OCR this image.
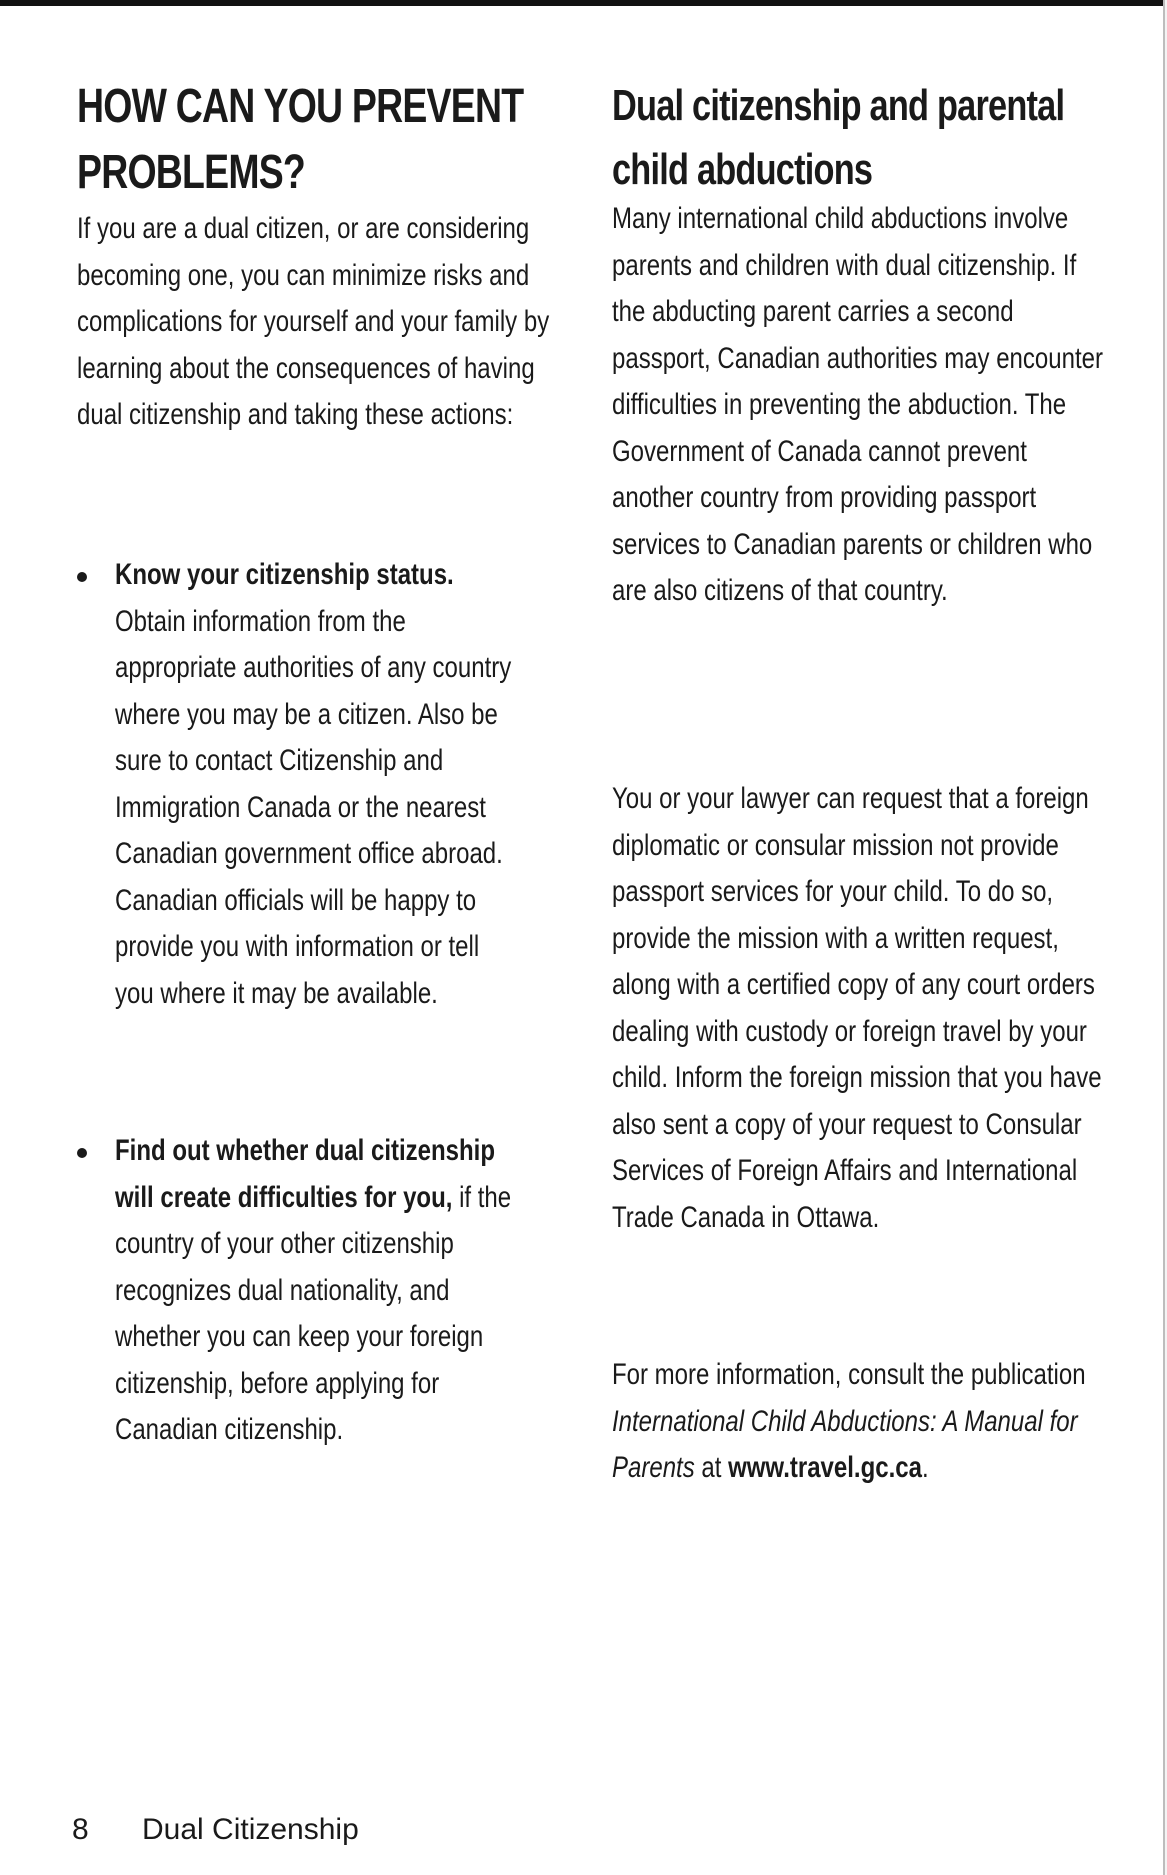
HOW CAN YOU PREVENT PROBLEMS?

If you are a dual citizen, or are considering becoming one, you can minimize risks and complications for yourself and your family by learning about the consequences of having dual citizenship and taking these actions:

Know your citizenship status. Obtain information from the appropriate authorities of any country where you may be a citizen. Also be sure to contact Citizenship and Immigration Canada or the nearest Canadian government office abroad. Canadian officials will be happy to provide you with information or tell you where it may be available.
Find out whether dual citizenship will create difficulties for you, if the country of your other citizenship recognizes dual nationality, and whether you can keep your foreign citizenship, before applying for Canadian citizenship.
Dual citizenship and parental child abductions

Many international child abductions involve parents and children with dual citizenship. If the abducting parent carries a second passport, Canadian authorities may encounter difficulties in preventing the abduction. The Government of Canada cannot prevent another country from providing passport services to Canadian parents or children who are also citizens of that country.

You or your lawyer can request that a foreign diplomatic or consular mission not provide passport services for your child. To do so, provide the mission with a written request, along with a certified copy of any court orders dealing with custody or foreign travel by your child. Inform the foreign mission that you have also sent a copy of your request to Consular Services of Foreign Affairs and International Trade Canada in Ottawa.

For more information, consult the publication International Child Abductions: A Manual for Parents at www.travel.gc.ca.

8 Dual Citizenship
